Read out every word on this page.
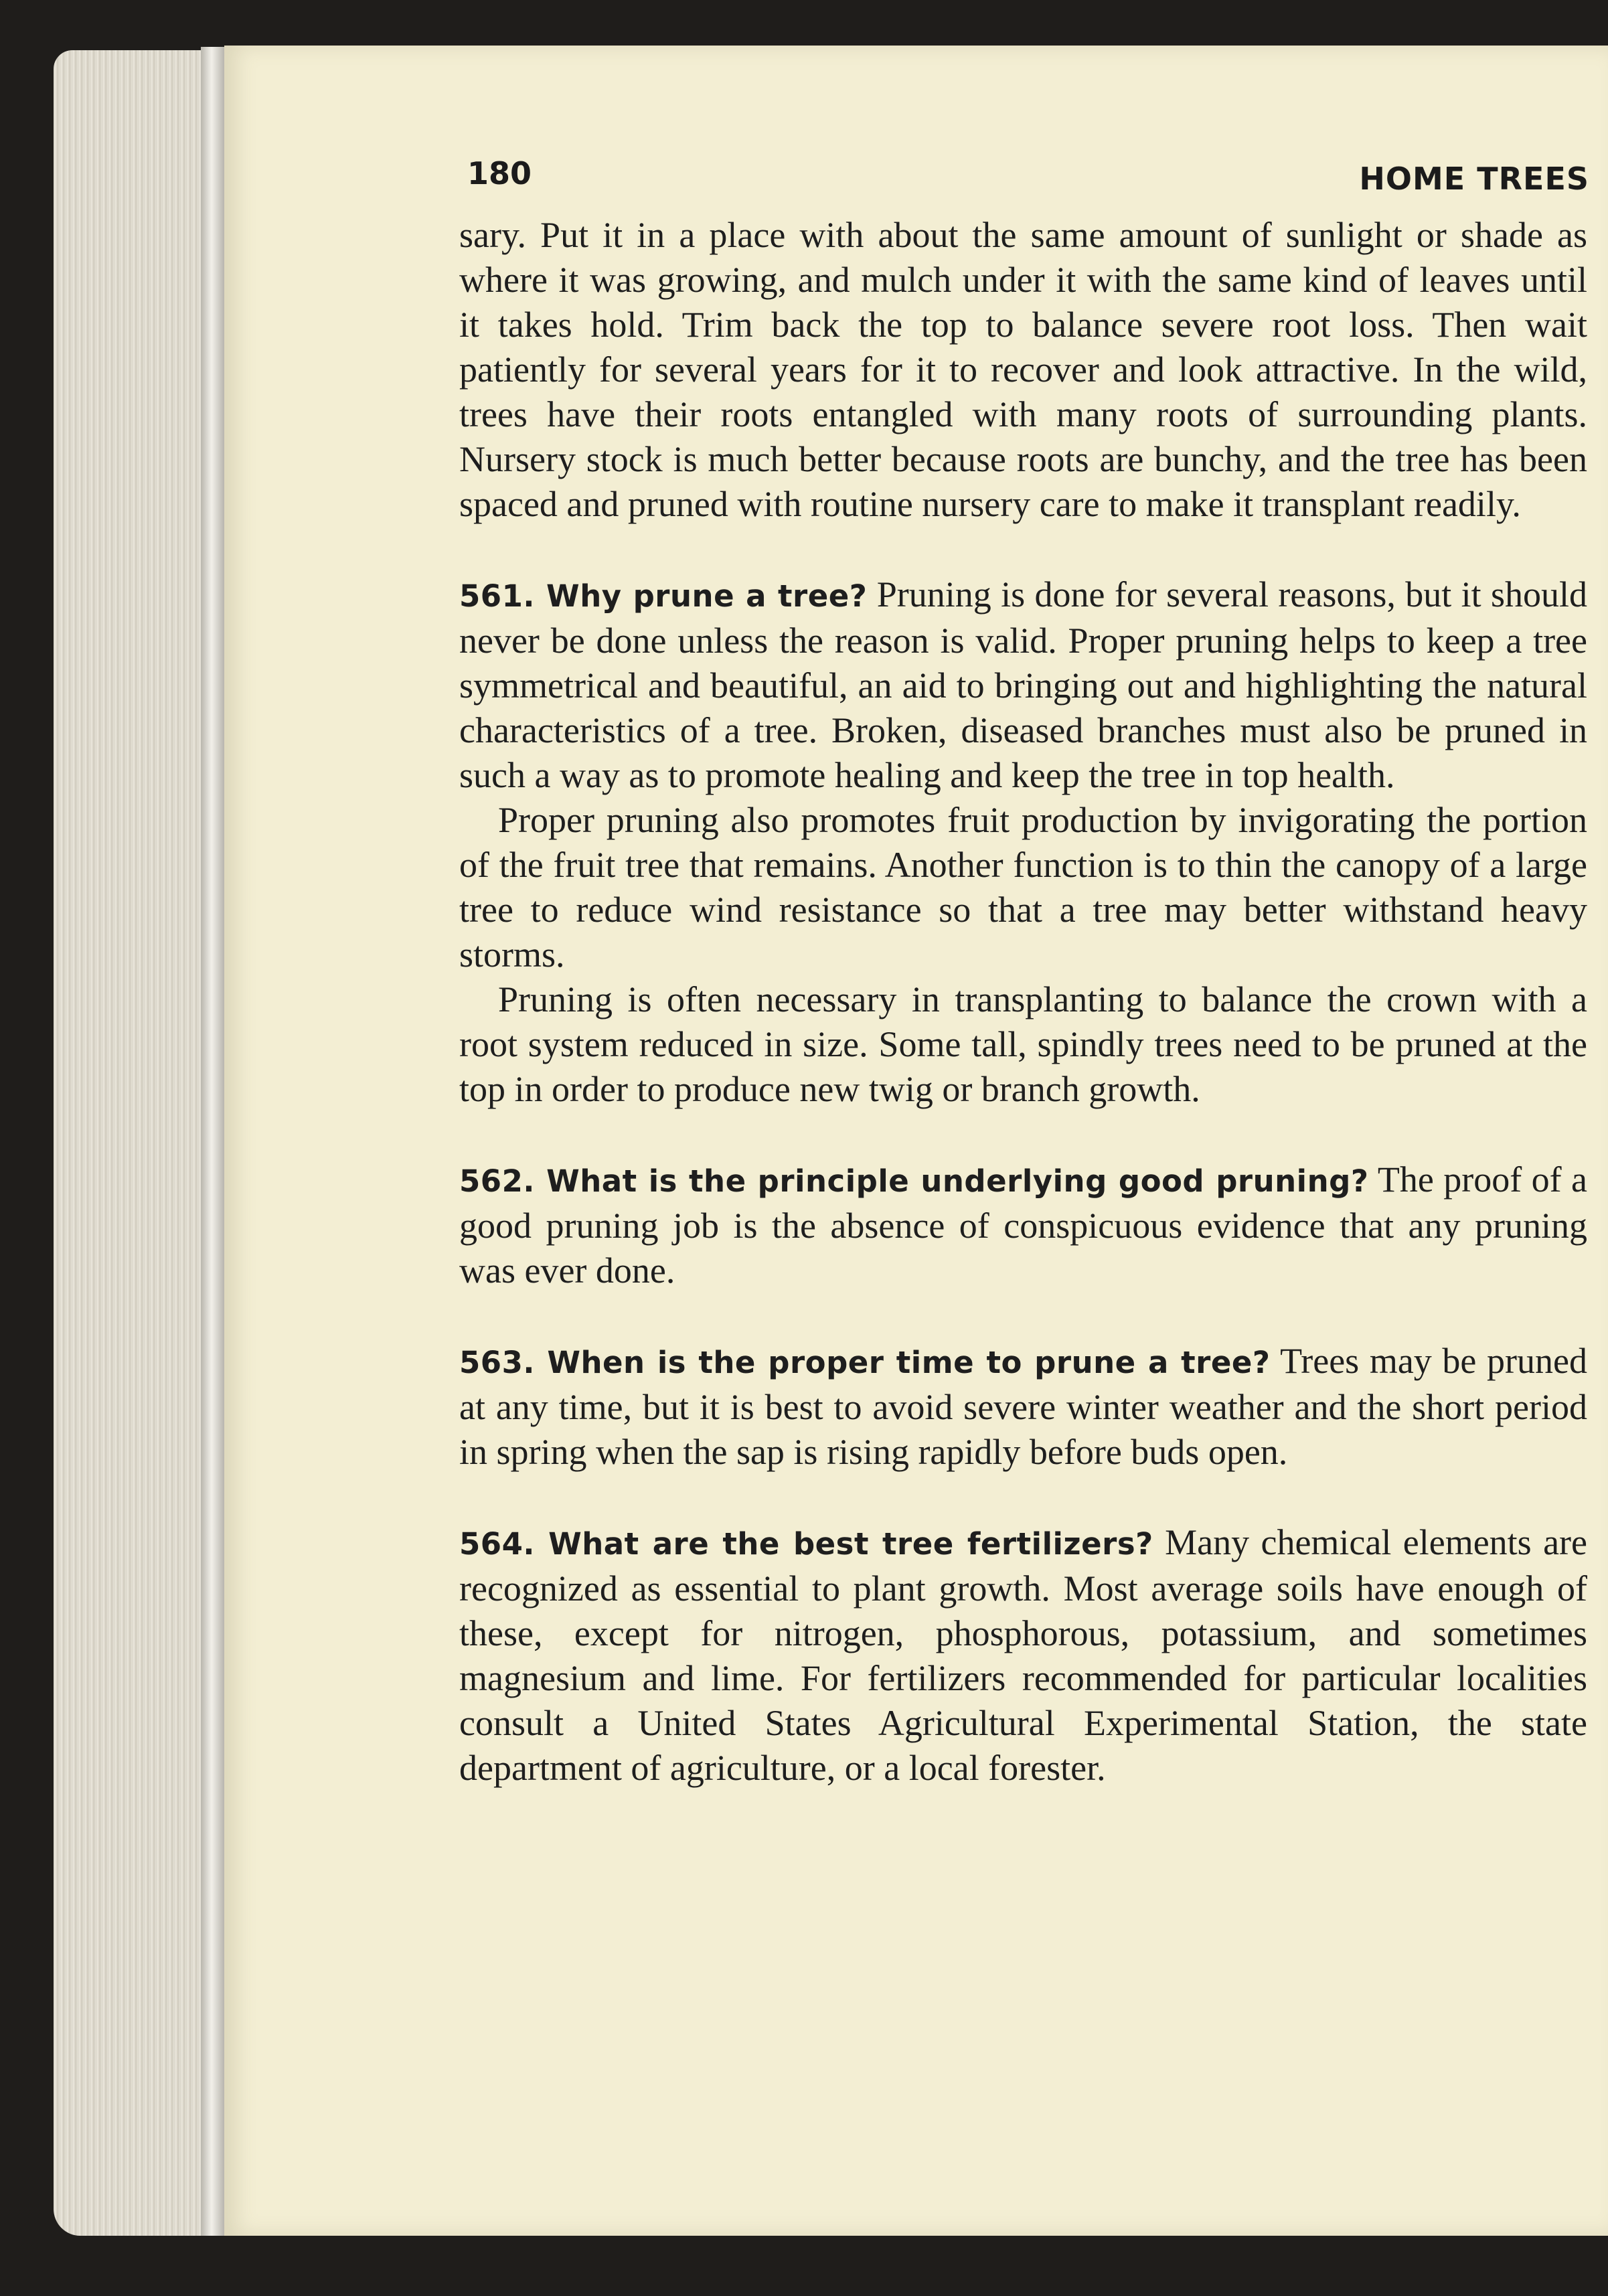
180	HOME TREES

sary. Put it in a place with about the same amount of sunlight or shade as where it was growing, and mulch under it with the same kind of leaves until it takes hold. Trim back the top to balance severe root loss. Then wait patiently for several years for it to recover and look attractive. In the wild, trees have their roots entangled with many roots of surrounding plants. Nursery stock is much better because roots are bunchy, and the tree has been spaced and pruned with routine nursery care to make it transplant readily.

561. Why prune a tree? Pruning is done for several reasons, but it should never be done unless the reason is valid. Proper pruning helps to keep a tree symmetrical and beautiful, an aid to bringing out and highlighting the natural characteristics of a tree. Broken, diseased branches must also be pruned in such a way as to promote healing and keep the tree in top health.

Proper pruning also promotes fruit production by invigorating the portion of the fruit tree that remains. Another function is to thin the canopy of a large tree to reduce wind resistance so that a tree may better withstand heavy storms.

Pruning is often necessary in transplanting to balance the crown with a root system reduced in size. Some tall, spindly trees need to be pruned at the top in order to produce new twig or branch growth.

562. What is the principle underlying good pruning? The proof of a good pruning job is the absence of conspicuous evidence that any pruning was ever done.

563. When is the proper time to prune a tree? Trees may be pruned at any time, but it is best to avoid severe winter weather and the short period in spring when the sap is rising rapidly before buds open.

564. What are the best tree fertilizers? Many chemical elements are recognized as essential to plant growth. Most average soils have enough of these, except for nitrogen, phosphorous, potassium, and sometimes magnesium and lime. For fertilizers recommended for particular localities consult a United States Agricultural Experimental Station, the state department of agriculture, or a local forester.
